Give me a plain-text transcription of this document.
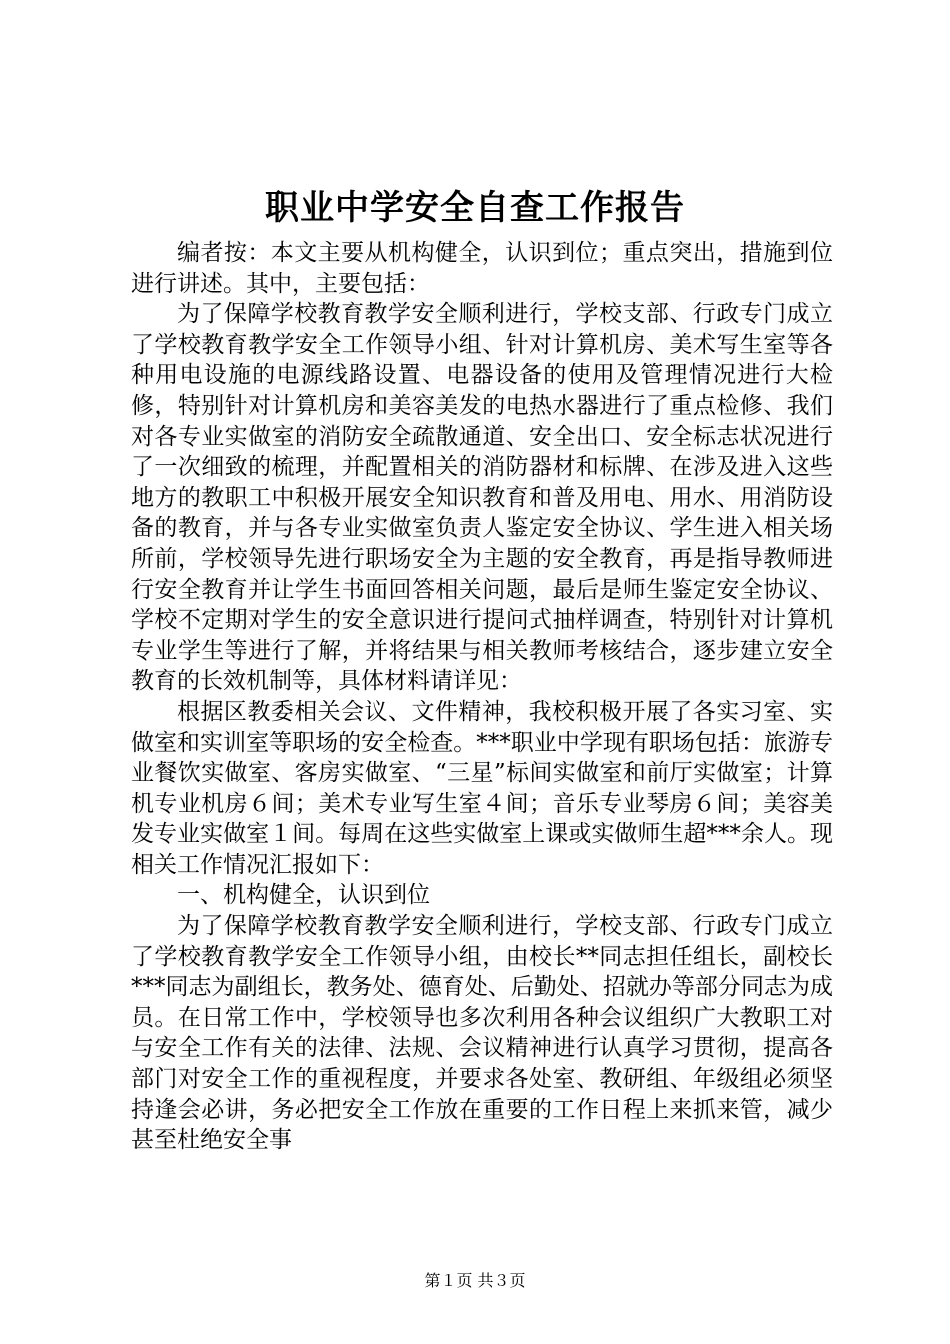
职业中学安全自查工作报告

编者按：本文主要从机构健全，认识到位；重点突出，措施到位进行讲述。其中，主要包括：

为了保障学校教育教学安全顺利进行，学校支部、行政专门成立了学校教育教学安全工作领导小组、针对计算机房、美术写生室等各种用电设施的电源线路设置、电器设备的使用及管理情况进行大检修，特别针对计算机房和美容美发的电热水器进行了重点检修、我们对各专业实做室的消防安全疏散通道、安全出口、安全标志状况进行了一次细致的梳理，并配置相关的消防器材和标牌、在涉及进入这些地方的教职工中积极开展安全知识教育和普及用电、用水、用消防设备的教育，并与各专业实做室负责人鉴定安全协议、学生进入相关场所前，学校领导先进行职场安全为主题的安全教育，再是指导教师进行安全教育并让学生书面回答相关问题，最后是师生鉴定安全协议、学校不定期对学生的安全意识进行提问式抽样调查，特别针对计算机专业学生等进行了解，并将结果与相关教师考核结合，逐步建立安全教育的长效机制等，具体材料请详见：

根据区教委相关会议、文件精神，我校积极开展了各实习室、实做室和实训室等职场的安全检查。***职业中学现有职场包括：旅游专业餐饮实做室、客房实做室、“三星”标间实做室和前厅实做室；计算机专业机房６间；美术专业写生室４间；音乐专业琴房６间；美容美发专业实做室１间。每周在这些实做室上课或实做师生超***余人。现相关工作情况汇报如下：

一、机构健全，认识到位

为了保障学校教育教学安全顺利进行，学校支部、行政专门成立了学校教育教学安全工作领导小组，由校长**同志担任组长，副校长***同志为副组长，教务处、德育处、后勤处、招就办等部分同志为成员。在日常工作中，学校领导也多次利用各种会议组织广大教职工对与安全工作有关的法律、法规、会议精神进行认真学习贯彻，提高各部门对安全工作的重视程度，并要求各处室、教研组、年级组必须坚持逢会必讲，务必把安全工作放在重要的工作日程上来抓来管，减少甚至杜绝安全事

第１页 共３页
